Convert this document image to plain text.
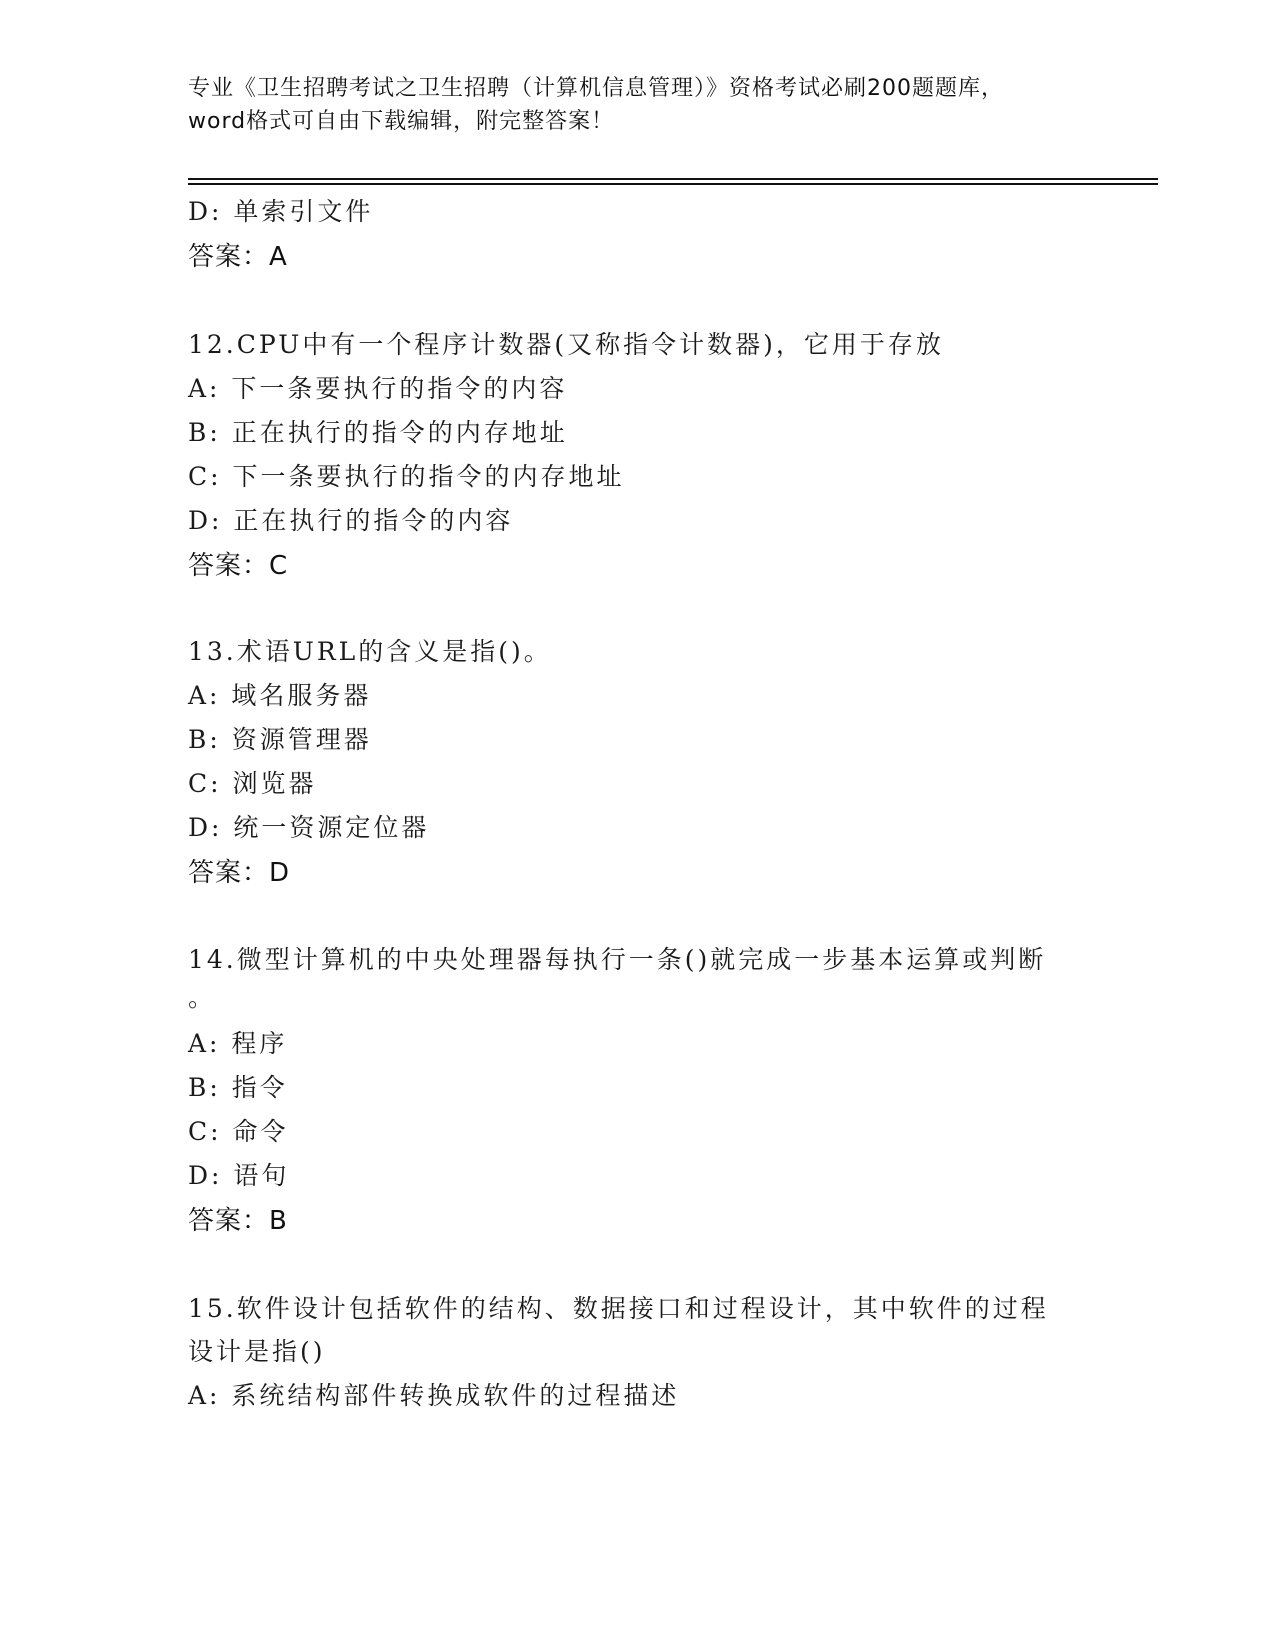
专业《卫生招聘考试之卫生招聘（计算机信息管理）》资格考试必刷200题题库，
word格式可自由下载编辑，附完整答案！
D: 单索引文件
答案：A
12.CPU中有一个程序计数器(又称指令计数器)，它用于存放
A: 下一条要执行的指令的内容
B: 正在执行的指令的内存地址
C: 下一条要执行的指令的内存地址
D: 正在执行的指令的内容
答案：C
13.术语URL的含义是指()。
A: 域名服务器
B: 资源管理器
C: 浏览器
D: 统一资源定位器
答案：D
14.微型计算机的中央处理器每执行一条()就完成一步基本运算或判断
。
A: 程序
B: 指令
C: 命令
D: 语句
答案：B
15.软件设计包括软件的结构、数据接口和过程设计，其中软件的过程
设计是指()
A: 系统结构部件转换成软件的过程描述
